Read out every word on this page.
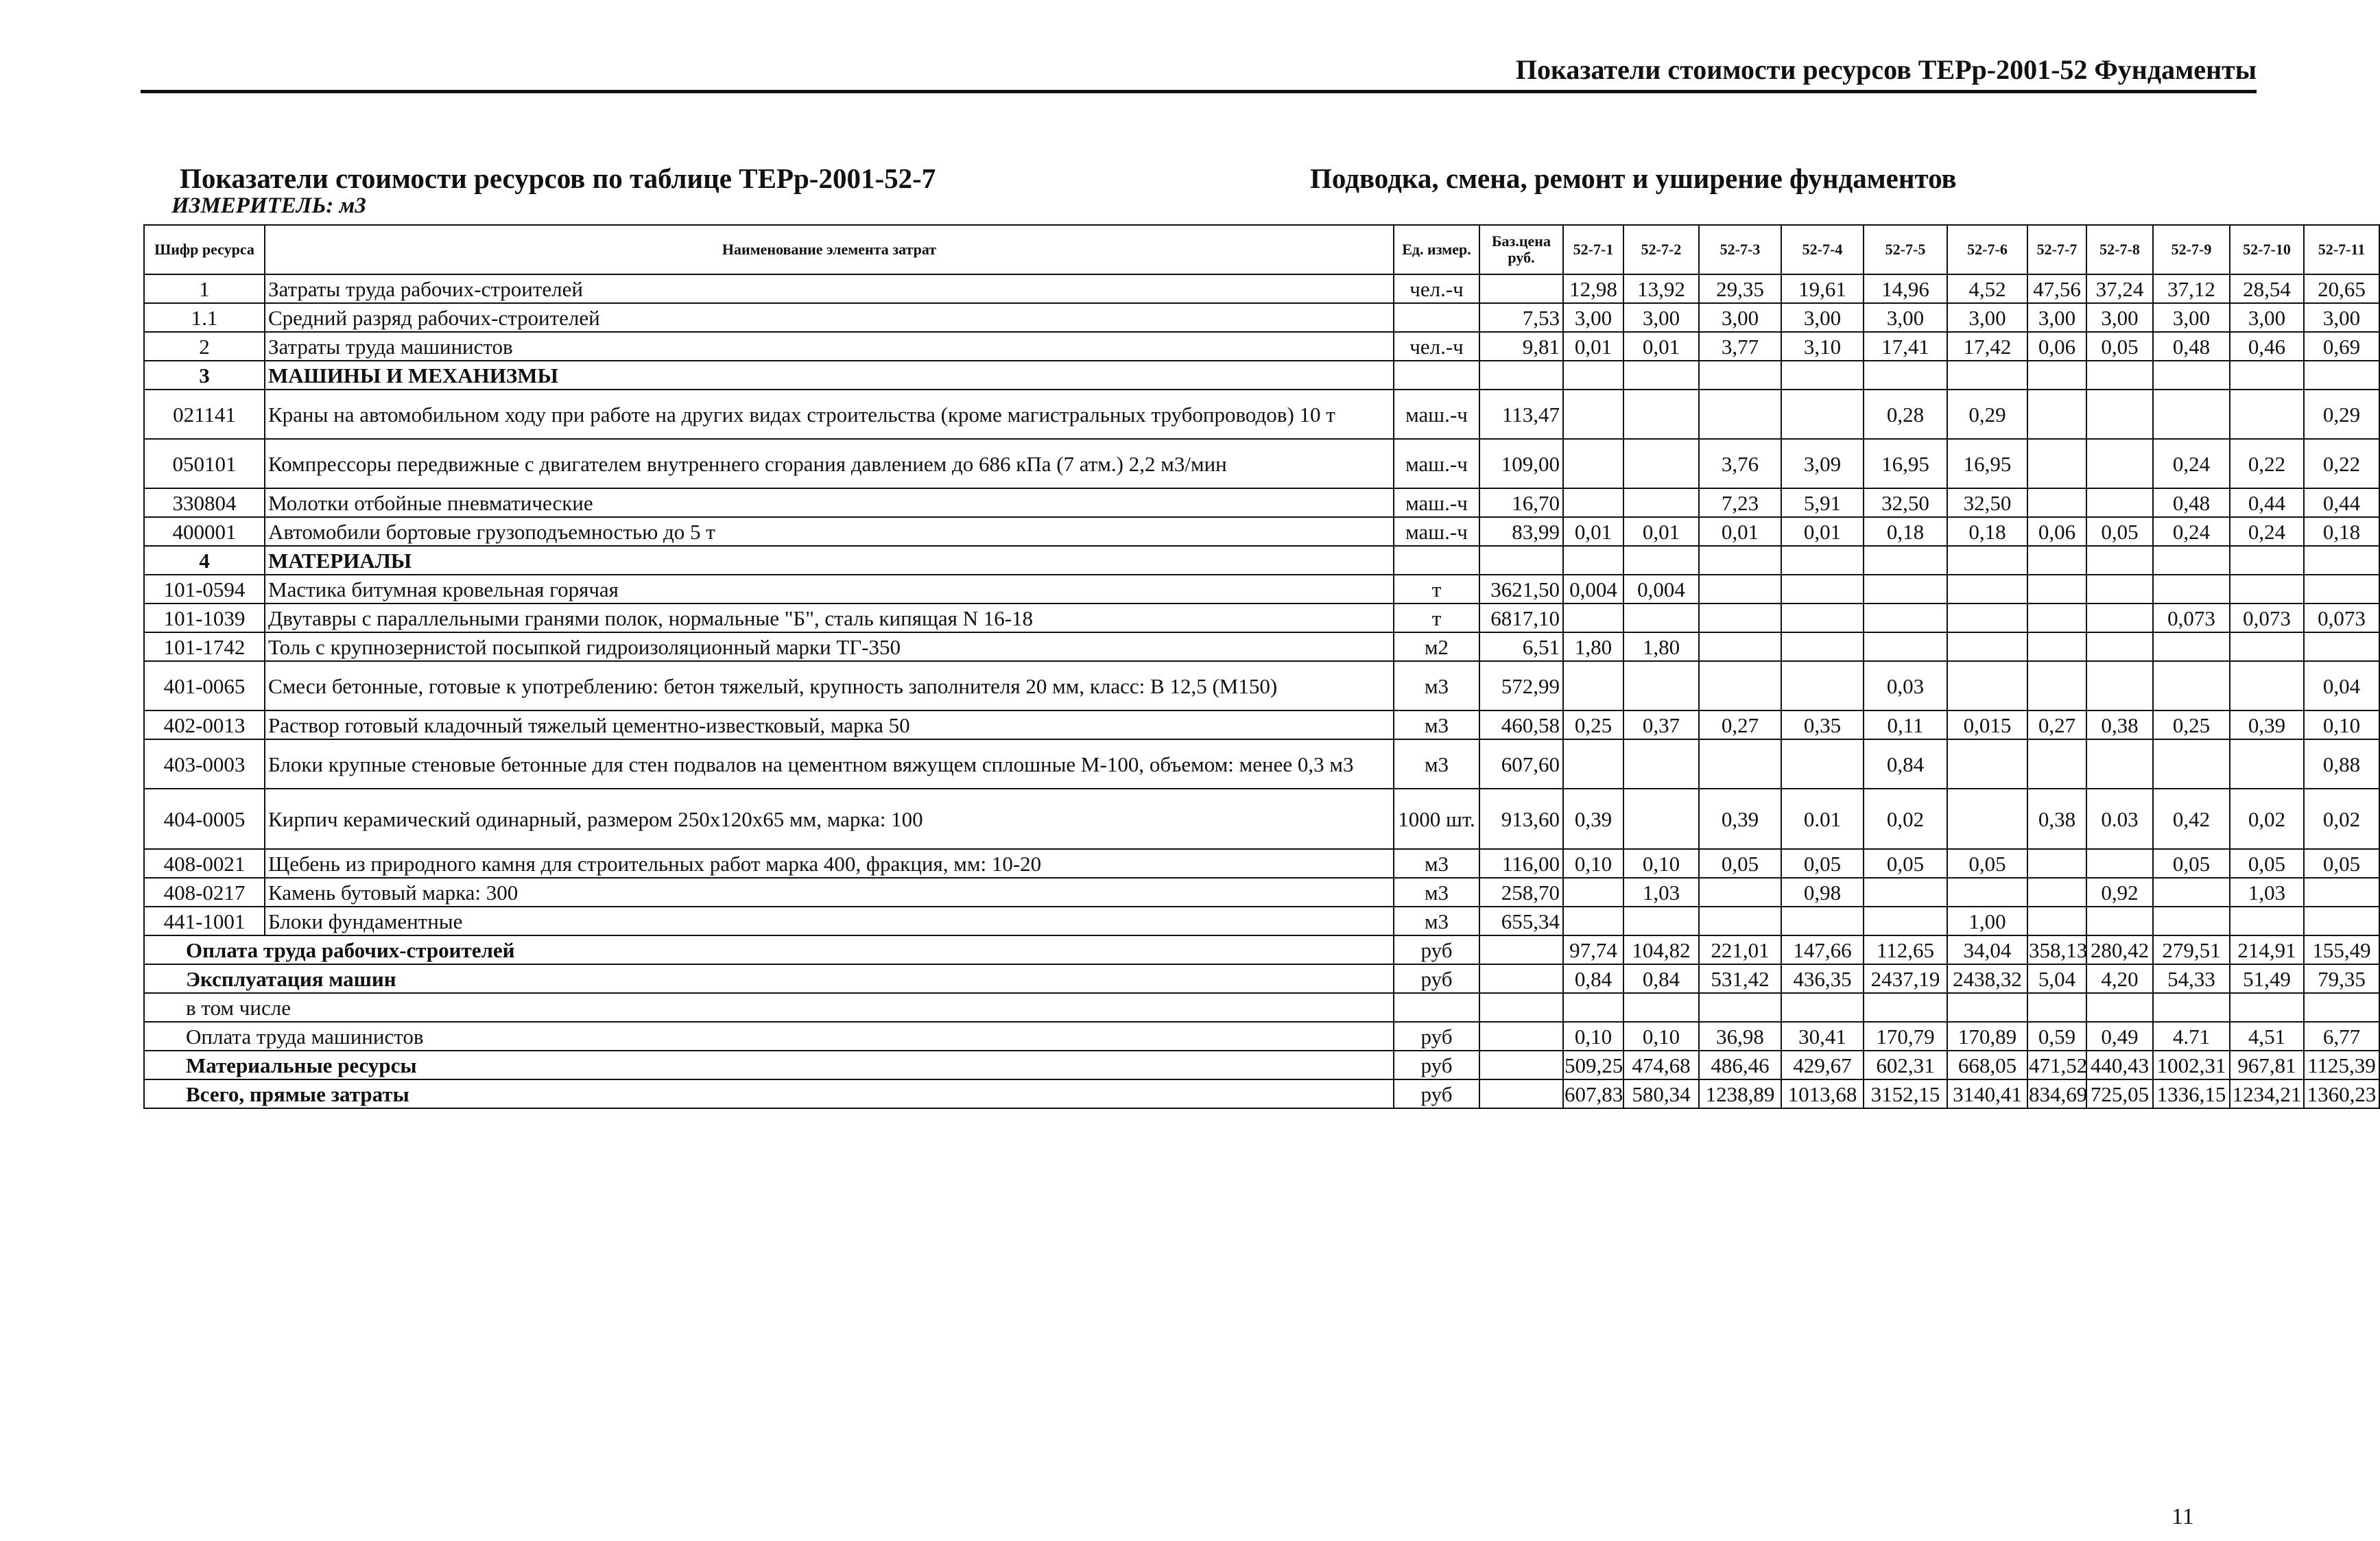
Показатели стоимости ресурсов ТЕРр-2001-52 Фундаменты
Показатели стоимости ресурсов по таблице ТЕРр-2001-52-7	Подводка, смена, ремонт и уширение фундаментов
ИЗМЕРИТЕЛЬ: м3
Шифр ресурса	Наименование элемента затрат	Ед. измер.	Баз.цена руб.	52-7-1	52-7-2	52-7-3	52-7-4	52-7-5	52-7-6	52-7-7	52-7-8	52-7-9	52-7-10	52-7-11
1	Затраты труда рабочих-строителей	чел.-ч		12,98	13,92	29,35	19,61	14,96	4,52	47,56	37,24	37,12	28,54	20,65
1.1	Средний разряд рабочих-строителей		7,53	3,00	3,00	3,00	3,00	3,00	3,00	3,00	3,00	3,00	3,00	3,00
2	Затраты труда машинистов	чел.-ч	9,81	0,01	0,01	3,77	3,10	17,41	17,42	0,06	0,05	0,48	0,46	0,69
3	МАШИНЫ И МЕХАНИЗМЫ													
021141	Краны на автомобильном ходу при работе на других видах строительства (кроме магистральных трубопроводов) 10 т	маш.-ч	113,47					0,28	0,29					0,29
050101	Компрессоры передвижные с двигателем внутреннего сгорания давлением до 686 кПа (7 атм.) 2,2 м3/мин	маш.-ч	109,00			3,76	3,09	16,95	16,95			0,24	0,22	0,22
330804	Молотки отбойные пневматические	маш.-ч	16,70			7,23	5,91	32,50	32,50			0,48	0,44	0,44
400001	Автомобили бортовые грузоподъемностью до 5 т	маш.-ч	83,99	0,01	0,01	0,01	0,01	0,18	0,18	0,06	0,05	0,24	0,24	0,18
4	МАТЕРИАЛЫ													
101-0594	Мастика битумная кровельная горячая	т	3621,50	0,004	0,004									
101-1039	Двутавры с параллельными гранями полок, нормальные "Б", сталь кипящая N 16-18	т	6817,10									0,073	0,073	0,073
101-1742	Толь с крупнозернистой посыпкой гидроизоляционный марки ТГ-350	м2	6,51	1,80	1,80									
401-0065	Смеси бетонные, готовые к употреблению: бетон тяжелый, крупность заполнителя 20 мм, класс: В 12,5 (М150)	м3	572,99					0,03						0,04
402-0013	Раствор готовый кладочный тяжелый цементно-известковый, марка 50	м3	460,58	0,25	0,37	0,27	0,35	0,11	0,015	0,27	0,38	0,25	0,39	0,10
403-0003	Блоки крупные стеновые бетонные для стен подвалов на цементном вяжущем сплошные М-100, объемом: менее 0,3 м3	м3	607,60					0,84						0,88
404-0005	Кирпич керамический одинарный, размером 250х120х65 мм, марка: 100	1000 шт.	913,60	0,39		0,39	0.01	0,02		0,38	0.03	0,42	0,02	0,02
408-0021	Щебень из природного камня для строительных работ марка 400, фракция, мм: 10-20	м3	116,00	0,10	0,10	0,05	0,05	0,05	0,05			0,05	0,05	0,05
408-0217	Камень бутовый марка: 300	м3	258,70		1,03		0,98				0,92		1,03	
441-1001	Блоки фундаментные	м3	655,34						1,00					
Оплата труда рабочих-строителей		руб		97,74	104,82	221,01	147,66	112,65	34,04	358,13	280,42	279,51	214,91	155,49
Эксплуатация машин		руб		0,84	0,84	531,42	436,35	2437,19	2438,32	5,04	4,20	54,33	51,49	79,35
в том числе														
Оплата труда машинистов		руб		0,10	0,10	36,98	30,41	170,79	170,89	0,59	0,49	4.71	4,51	6,77
Материальные ресурсы		руб		509,25	474,68	486,46	429,67	602,31	668,05	471,52	440,43	1002,31	967,81	1125,39
Всего, прямые затраты		руб		607,83	580,34	1238,89	1013,68	3152,15	3140,41	834,69	725,05	1336,15	1234,21	1360,23
11
